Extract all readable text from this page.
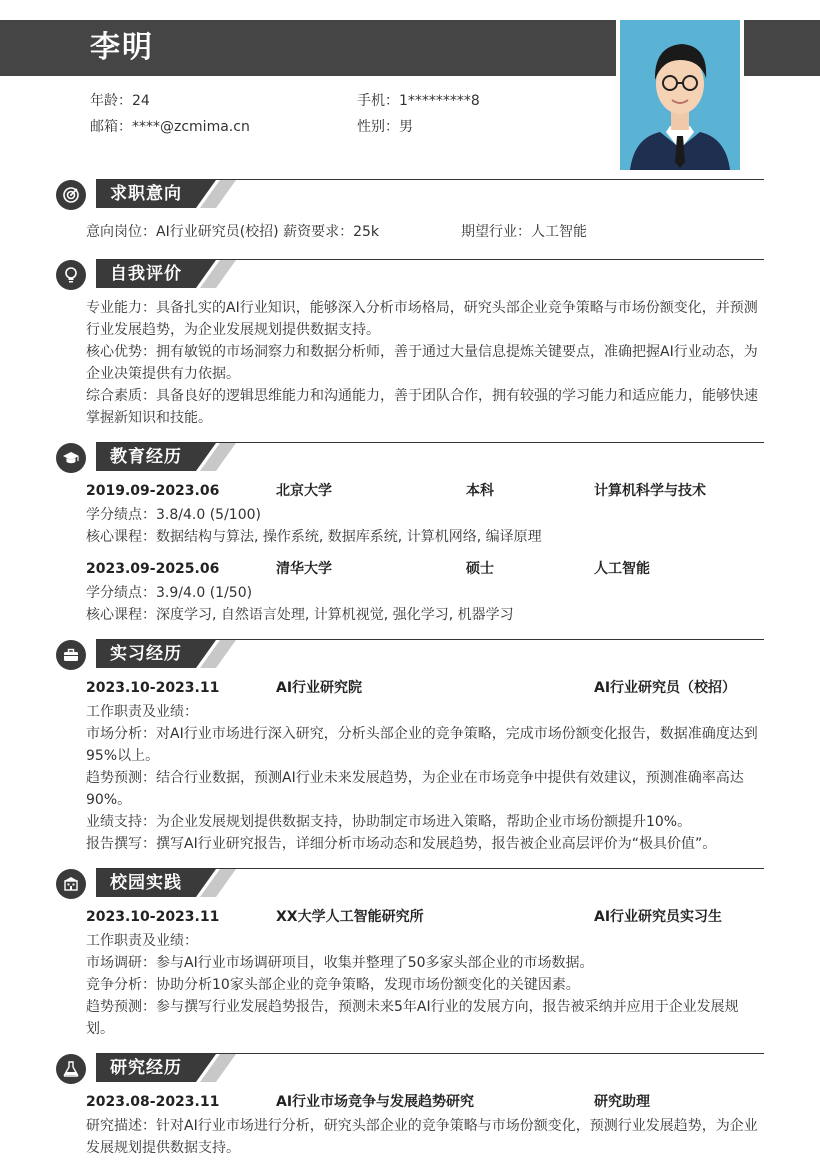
李明
年龄：24	手机：1*********8
邮箱：****@zcmima.cn	性别：男
求职意向
意向岗位：AI行业研究员(校招) 薪资要求：25k	期望行业：人工智能
自我评价
专业能力：具备扎实的AI行业知识，能够深入分析市场格局，研究头部企业竞争策略与市场份额变化，并预测行业发展趋势，为企业发展规划提供数据支持。
核心优势：拥有敏锐的市场洞察力和数据分析师，善于通过大量信息提炼关键要点，准确把握AI行业动态，为企业决策提供有力依据。
综合素质：具备良好的逻辑思维能力和沟通能力，善于团队合作，拥有较强的学习能力和适应能力，能够快速掌握新知识和技能。
教育经历
2019.09-2023.06	北京大学	本科	计算机科学与技术
学分绩点：3.8/4.0 (5/100)
核心课程：数据结构与算法, 操作系统, 数据库系统, 计算机网络, 编译原理
2023.09-2025.06	清华大学	硕士	人工智能
学分绩点：3.9/4.0 (1/50)
核心课程：深度学习, 自然语言处理, 计算机视觉, 强化学习, 机器学习
实习经历
2023.10-2023.11	AI行业研究院	AI行业研究员（校招）
工作职责及业绩：
市场分析：对AI行业市场进行深入研究，分析头部企业的竞争策略，完成市场份额变化报告，数据准确度达到95%以上。
趋势预测：结合行业数据，预测AI行业未来发展趋势，为企业在市场竞争中提供有效建议，预测准确率高达90%。
业绩支持：为企业发展规划提供数据支持，协助制定市场进入策略，帮助企业市场份额提升10%。
报告撰写：撰写AI行业研究报告，详细分析市场动态和发展趋势，报告被企业高层评价为“极具价值”。
校园实践
2023.10-2023.11	XX大学人工智能研究所	AI行业研究员实习生
工作职责及业绩：
市场调研：参与AI行业市场调研项目，收集并整理了50多家头部企业的市场数据。
竞争分析：协助分析10家头部企业的竞争策略，发现市场份额变化的关键因素。
趋势预测：参与撰写行业发展趋势报告，预测未来5年AI行业的发展方向，报告被采纳并应用于企业发展规划。
研究经历
2023.08-2023.11	AI行业市场竞争与发展趋势研究	研究助理
研究描述：针对AI行业市场进行分析，研究头部企业的竞争策略与市场份额变化，预测行业发展趋势，为企业发展规划提供数据支持。
